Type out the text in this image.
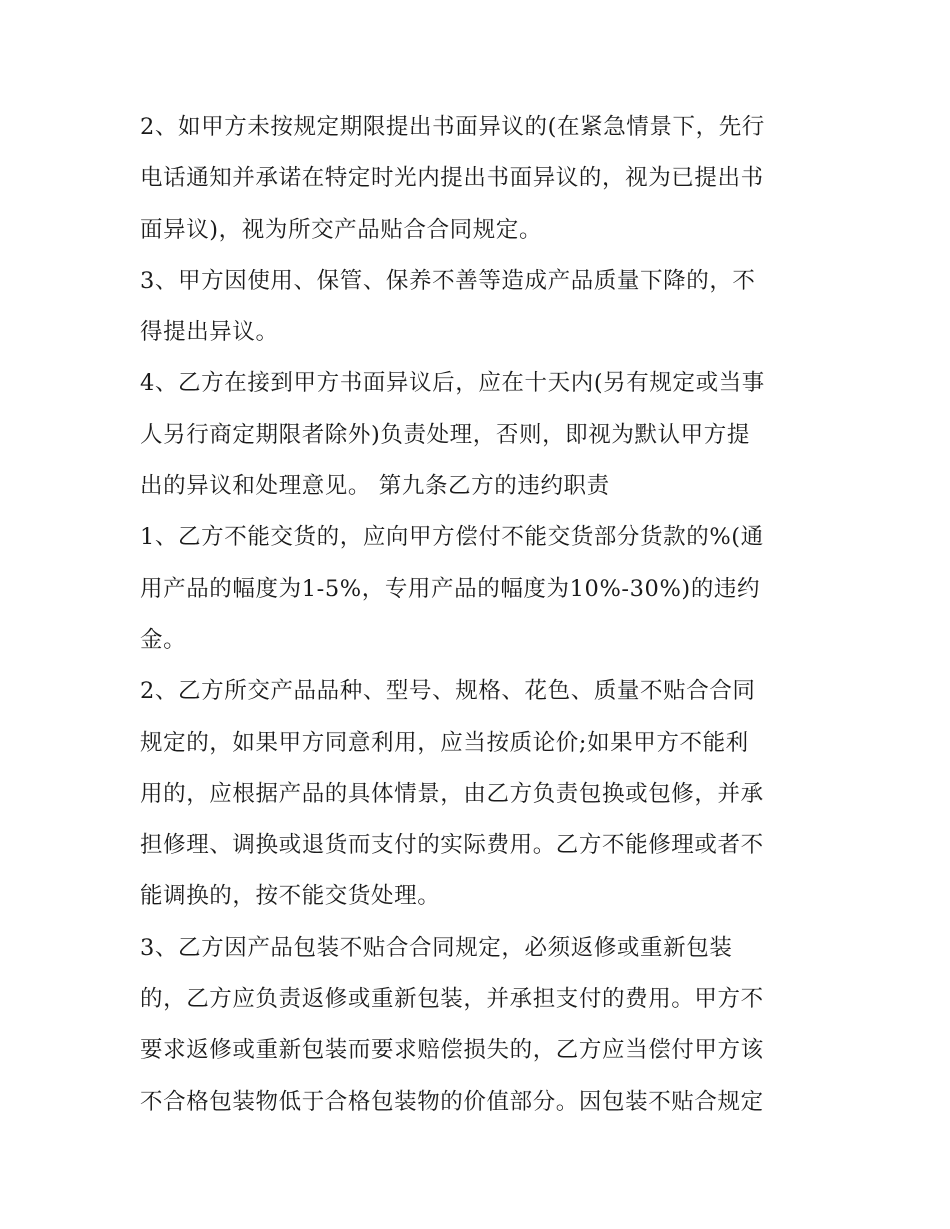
2、如甲方未按规定期限提出书面异议的(在紧急情景下，先行
电话通知并承诺在特定时光内提出书面异议的，视为已提出书
面异议)，视为所交产品贴合合同规定。

3、甲方因使用、保管、保养不善等造成产品质量下降的，不
得提出异议。

4、乙方在接到甲方书面异议后，应在十天内(另有规定或当事
人另行商定期限者除外)负责处理，否则，即视为默认甲方提
出的异议和处理意见。 第九条乙方的违约职责

1、乙方不能交货的，应向甲方偿付不能交货部分货款的%(通
用产品的幅度为1-5%，专用产品的幅度为10%-30%)的违约
金。

2、乙方所交产品品种、型号、规格、花色、质量不贴合合同
规定的，如果甲方同意利用，应当按质论价;如果甲方不能利
用的，应根据产品的具体情景，由乙方负责包换或包修，并承
担修理、调换或退货而支付的实际费用。乙方不能修理或者不
能调换的，按不能交货处理。

3、乙方因产品包装不贴合合同规定，必须返修或重新包装
的，乙方应负责返修或重新包装，并承担支付的费用。甲方不
要求返修或重新包装而要求赔偿损失的，乙方应当偿付甲方该
不合格包装物低于合格包装物的价值部分。因包装不贴合规定
